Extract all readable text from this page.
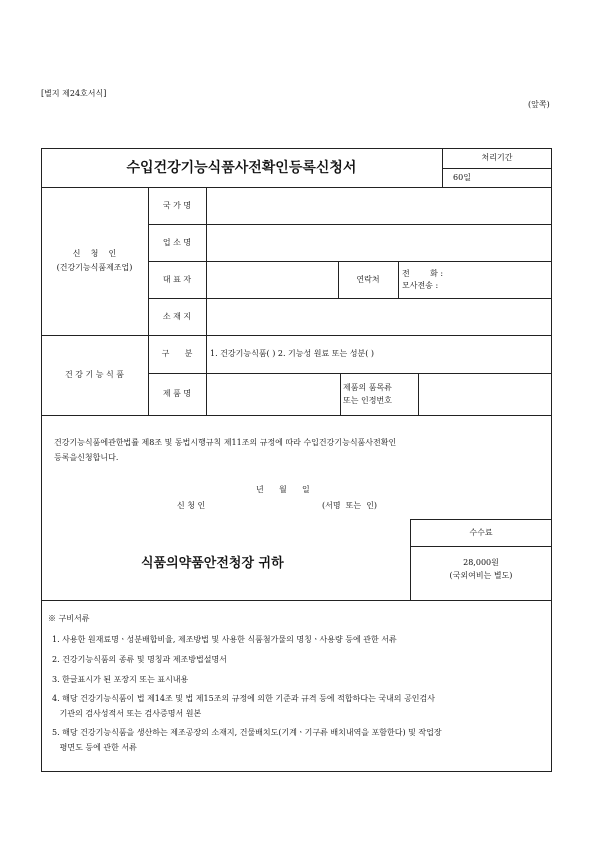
[별지 제24호서식]
(앞쪽)
수입건강기능식품사전확인등록신청서
처리기간
60일
신    청    인
(건강기능식품제조업)
국 가 명
업 소 명
대 표 자	연락처
전        화 :
모사전송 :
소 재 지
건 강 기 능 식 품
구      분	1. 건강기능식품( ) 2. 기능성 원료 또는 성분( )
제 품 명
제품의 품목류
또는 인정번호
건강기능식품에관한법률 제8조 및 동법시행규칙 제11조의 규정에 따라 수입건강기능식품사전확인
등록을신청합니다.
년      월      일
신 청 인	(서명  또는  인)
식품의약품안전청장 귀하
수수료
28,000원
(국외여비는 별도)
※ 구비서류
1. 사용한 원재료명ㆍ성분배합비율, 제조방법 및 사용한 식품첨가물의 명칭ㆍ사용량 등에 관한 서류
2. 건강기능식품의 종류 및 명칭과 제조방법설명서
3. 한글표시가 된 포장지 또는 표시내용
4. 해당 건강기능식품이 법 제14조 및 법 제15조의 규정에 의한 기준과 규격 등에 적합하다는 국내의 공인검사
기관의 검사성적서 또는 검사증명서 원본
5. 해당 건강기능식품을 생산하는 제조공장의 소재지, 건물배치도(기계ㆍ기구류 배치내역을 포함한다) 및 작업장
평면도 등에 관한 서류
